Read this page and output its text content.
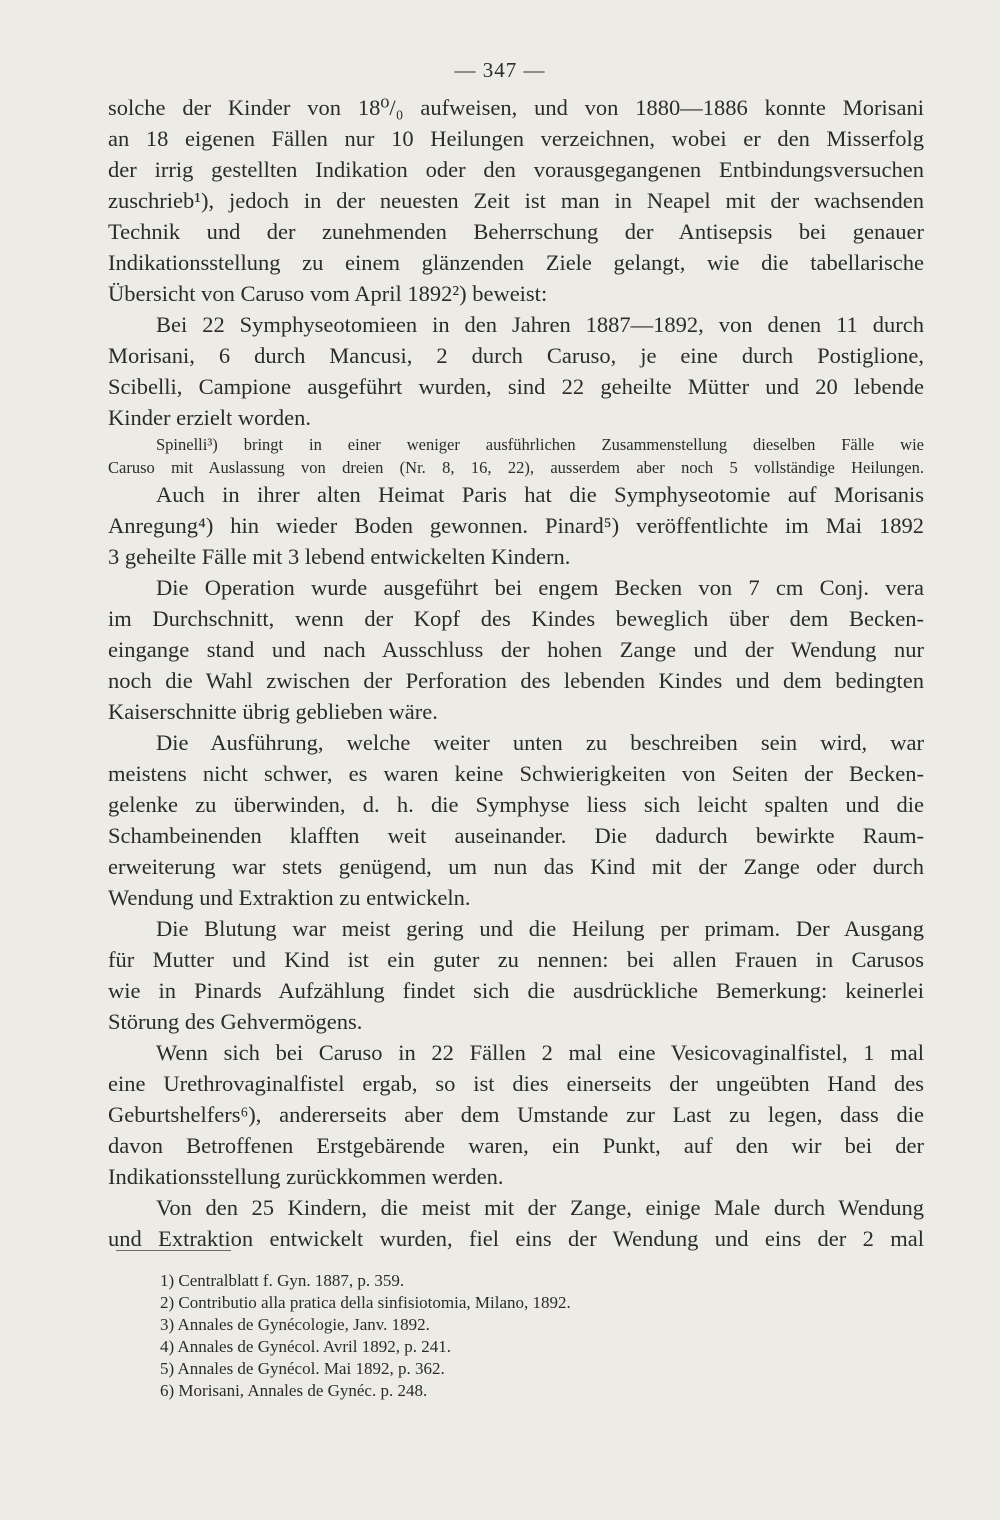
— 347 —
solche der Kinder von 18⁰/₀ aufweisen, und von 1880—1886 konnte Morisani
an 18 eigenen Fällen nur 10 Heilungen verzeichnen, wobei er den Misserfolg
der irrig gestellten Indikation oder den vorausgegangenen Entbindungsversuchen
zuschrieb¹), jedoch in der neuesten Zeit ist man in Neapel mit der wachsenden
Technik und der zunehmenden Beherrschung der Antisepsis bei genauer
Indikationsstellung zu einem glänzenden Ziele gelangt, wie die tabellarische
Übersicht von Caruso vom April 1892²) beweist:
Bei 22 Symphyseotomieen in den Jahren 1887—1892, von denen 11 durch
Morisani, 6 durch Mancusi, 2 durch Caruso, je eine durch Postiglione,
Scibelli, Campione ausgeführt wurden, sind 22 geheilte Mütter und 20 lebende
Kinder erzielt worden.
Spinelli³) bringt in einer weniger ausführlichen Zusammenstellung dieselben Fälle wie
Caruso mit Auslassung von dreien (Nr. 8, 16, 22), ausserdem aber noch 5 vollständige Heilungen.
Auch in ihrer alten Heimat Paris hat die Symphyseotomie auf Morisanis
Anregung⁴) hin wieder Boden gewonnen. Pinard⁵) veröffentlichte im Mai 1892
3 geheilte Fälle mit 3 lebend entwickelten Kindern.
Die Operation wurde ausgeführt bei engem Becken von 7 cm Conj. vera
im Durchschnitt, wenn der Kopf des Kindes beweglich über dem Becken-
eingange stand und nach Ausschluss der hohen Zange und der Wendung nur
noch die Wahl zwischen der Perforation des lebenden Kindes und dem bedingten
Kaiserschnitte übrig geblieben wäre.
Die Ausführung, welche weiter unten zu beschreiben sein wird, war
meistens nicht schwer, es waren keine Schwierigkeiten von Seiten der Becken-
gelenke zu überwinden, d. h. die Symphyse liess sich leicht spalten und die
Schambeinenden klafften weit auseinander. Die dadurch bewirkte Raum-
erweiterung war stets genügend, um nun das Kind mit der Zange oder durch
Wendung und Extraktion zu entwickeln.
Die Blutung war meist gering und die Heilung per primam. Der Ausgang
für Mutter und Kind ist ein guter zu nennen: bei allen Frauen in Carusos
wie in Pinards Aufzählung findet sich die ausdrückliche Bemerkung: keinerlei
Störung des Gehvermögens.
Wenn sich bei Caruso in 22 Fällen 2 mal eine Vesicovaginalfistel, 1 mal
eine Urethrovaginalfistel ergab, so ist dies einerseits der ungeübten Hand des
Geburtshelfers⁶), andererseits aber dem Umstande zur Last zu legen, dass die
davon Betroffenen Erstgebärende waren, ein Punkt, auf den wir bei der
Indikationsstellung zurückkommen werden.
Von den 25 Kindern, die meist mit der Zange, einige Male durch Wendung
und Extraktion entwickelt wurden, fiel eins der Wendung und eins der 2 mal
1) Centralblatt f. Gyn. 1887, p. 359.
2) Contributio alla pratica della sinfisiotomia, Milano, 1892.
3) Annales de Gynécologie, Janv. 1892.
4) Annales de Gynécol. Avril 1892, p. 241.
5) Annales de Gynécol. Mai 1892, p. 362.
6) Morisani, Annales de Gynéc. p. 248.
